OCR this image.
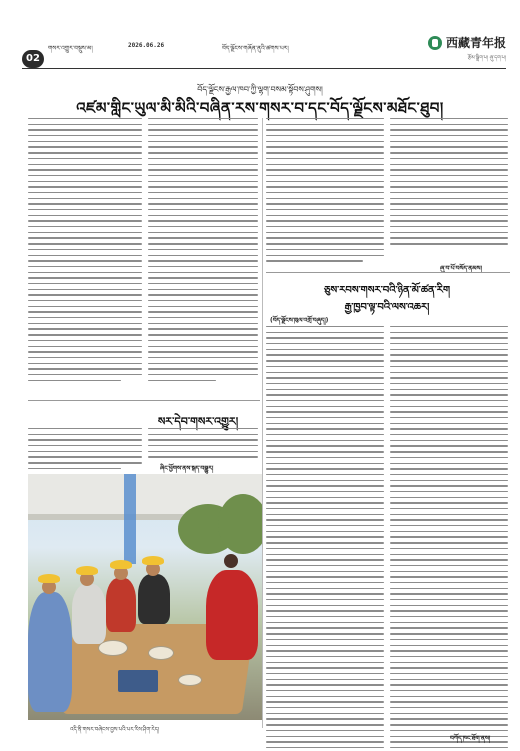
02
གསར་འགྱུར་བསྡུས་མ།	2026.06.26	བོད་ལྗོངས་གཞོན་ནུའི་ཚགས་པར།	西藏青年报
རྩོམ་སྒྲིག་པ། ཞུ་དག་པ།
བོད་ལྗོངས་རྒྱལ་ཁབ་ཀྱི་ལྷག་བསམ་སྟོབས་ཤུགས།
འཛམ་གླིང་ཡུལ་མི་མིའི་བཞིན་རས་གསར་བ་དང་བོད་ལྗོངས་མཐོང་ཐུབ།
ཞུ་བ་པོ་བསོད་ནམས།
ཅུས་རབས་གསར་བའི་ཉིན་མོ་ཚན་རིག
རྒྱ་ཁྱབ་ལྟ་བའི་ལས་འཆར།
(བོད་ལྗོངས་ཁུལ་འགྲོ་བཞུད།)
བཀོད་ཁང་ཐོག་ནས།
སར་དེབ་གསར་འགྱུར།
ཞིང་ཕྱོགས་ནས་སྐད་བསྒྱུར།
འདི་ནི་གསར་བཞེངས་བྱས་པའི་པར་རིས་ཤིག་རེད།
